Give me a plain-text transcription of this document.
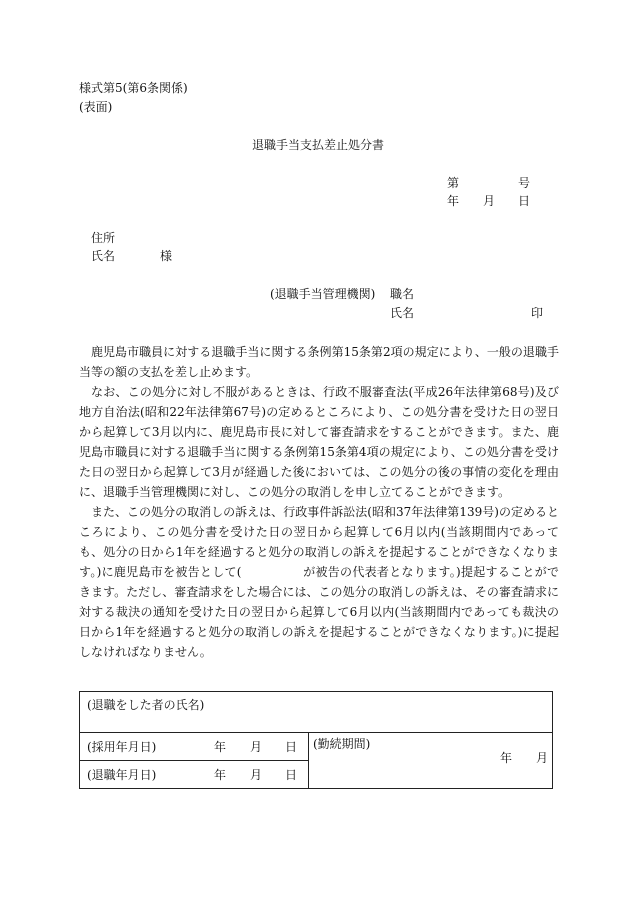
様式第5(第6条関係)
(表面)
退職手当支払差止処分書
第	号
年 月 日
住所
氏名	様
(退職手当管理機関) 職名
氏名	印

鹿児島市職員に対する退職手当に関する条例第15条第2項の規定により、一般の退職手当等の額の支払を差し止めます。

なお、この処分に対し不服があるときは、行政不服審査法(平成26年法律第68号)及び地方自治法(昭和22年法律第67号)の定めるところにより、この処分書を受けた日の翌日から起算して3月以内に、鹿児島市長に対して審査請求をすることができます。また、鹿児島市職員に対する退職手当に関する条例第15条第4項の規定により、この処分書を受けた日の翌日から起算して3月が経過した後においては、この処分の後の事情の変化を理由に、退職手当管理機関に対し、この処分の取消しを申し立てることができます。

また、この処分の取消しの訴えは、行政事件訴訟法(昭和37年法律第139号)の定めるところにより、この処分書を受けた日の翌日から起算して6月以内(当該期間内であっても、処分の日から1年を経過すると処分の取消しの訴えを提起することができなくなります。)に鹿児島市を被告として(　　　　　が被告の代表者となります。)提起することができます。ただし、審査請求をした場合には、この処分の取消しの訴えは、その審査請求に対する裁決の通知を受けた日の翌日から起算して6月以内(当該期間内であっても裁決の日から1年を経過すると処分の取消しの訴えを提起することができなくなります。)に提起しなければなりません。

(退職をした者の氏名)
(採用年月日)	年 月 日
(退職年月日)	年 月 日
(勤続期間)
年 月
